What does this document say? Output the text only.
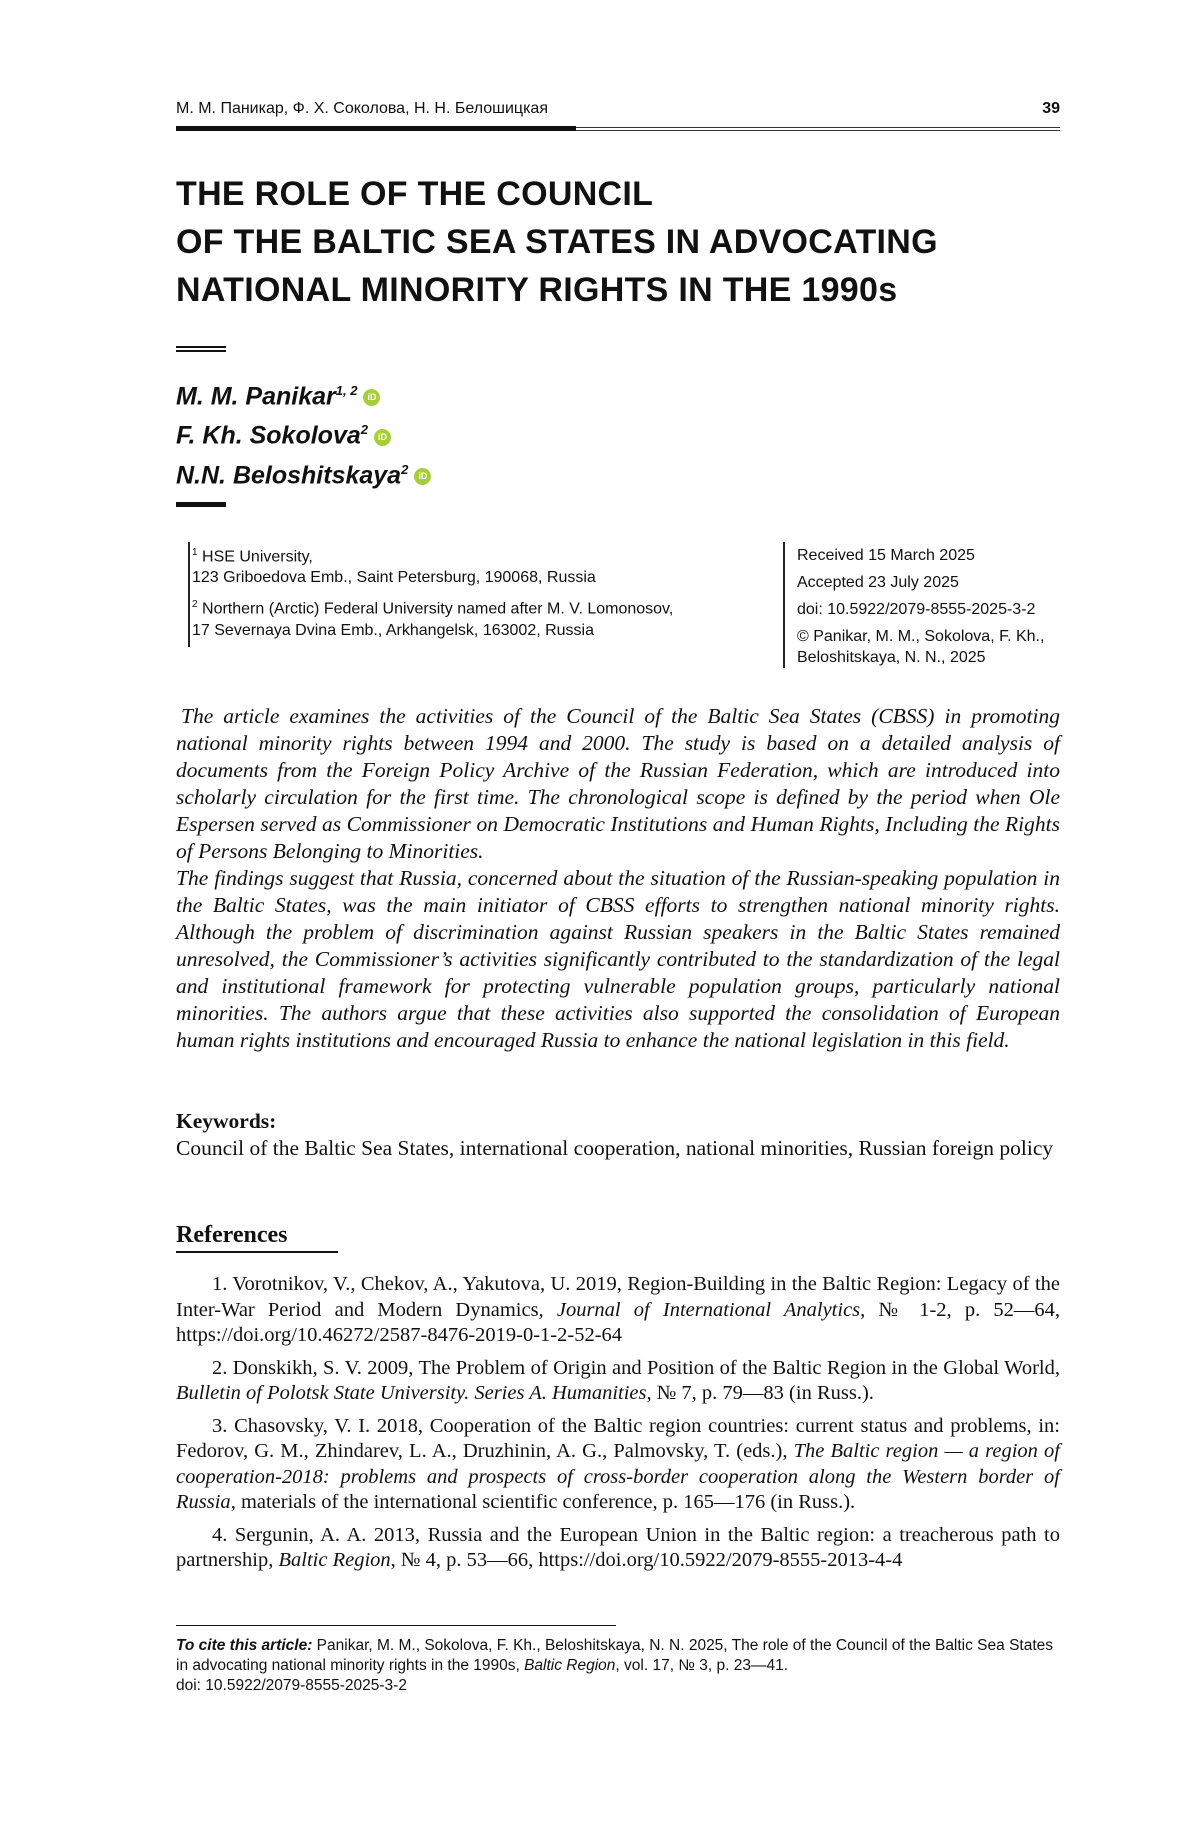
М. М. Паникар, Ф. Х. Соколова, Н. Н. Белошицкая	39
THE ROLE OF THE COUNCIL
OF THE BALTIC SEA STATES IN ADVOCATING
NATIONAL MINORITY RIGHTS IN THE 1990s
M. M. Panikar1, 2 iD
F. Kh. Sokolova2 iD
N.N. Beloshitskaya2 iD

1 HSE University,
123 Griboedova Emb., Saint Petersburg, 190068, Russia

2 Northern (Arctic) Federal University named after M. V. Lomonosov,
17 Severnaya Dvina Emb., Arkhangelsk, 163002, Russia

Received 15 March 2025
Accepted 23 July 2025
doi: 10.5922/2079-8555-2025-3-2
© Panikar, M. M., Sokolova, F. Kh.,
Beloshitskaya, N. N., 2025

The article examines the activities of the Council of the Baltic Sea States (CBSS) in promoting national minority rights between 1994 and 2000. The study is based on a detailed analysis of documents from the Foreign Policy Archive of the Russian Federation, which are introduced into scholarly circulation for the first time. The chronological scope is defined by the period when Ole Espersen served as Commissioner on Democratic Institutions and Human Rights, Including the Rights of Persons Belonging to Minorities.

The findings suggest that Russia, concerned about the situation of the Russian-speaking population in the Baltic States, was the main initiator of CBSS efforts to strengthen national minority rights. Although the problem of discrimination against Russian speakers in the Baltic States remained unresolved, the Commissioner’s activities significantly contributed to the standardization of the legal and institutional framework for protecting vulnerable population groups, particularly national minorities. The authors argue that these activities also supported the consolidation of European human rights institutions and encouraged Russia to enhance the national legislation in this field.

Keywords:
Council of the Baltic Sea States, international cooperation, national minorities, Russian foreign policy
References

1. Vorotnikov, V., Chekov, A., Yakutova, U. 2019, Region-Building in the Baltic Region: Legacy of the Inter-War Period and Modern Dynamics, Journal of International Analytics, № 1-2, p. 52—64, https://doi.org/10.46272/2587-8476-2019-0-1-2-52-64

2. Donskikh, S. V. 2009, The Problem of Origin and Position of the Baltic Region in the Global World, Bulletin of Polotsk State University. Series A. Humanities, № 7, p. 79—83 (in Russ.).

3. Chasovsky, V. I. 2018, Cooperation of the Baltic region countries: current status and problems, in: Fedorov, G. M., Zhindarev, L. A., Druzhinin, A. G., Palmovsky, T. (eds.), The Baltic region — a region of cooperation-2018: problems and prospects of cross-border cooperation along the Western border of Russia, materials of the international scientific conference, p. 165—176 (in Russ.).

4. Sergunin, A. A. 2013, Russia and the European Union in the Baltic region: a treacherous path to partnership, Baltic Region, № 4, p. 53—66, https://doi.org/10.5922/2079-8555-2013-4-4

To cite this article: Panikar, M. M., Sokolova, F. Kh., Beloshitskaya, N. N. 2025, The role of the Council of the Baltic Sea States in advocating national minority rights in the 1990s, Baltic Region, vol. 17, № 3, p. 23—41.
doi: 10.5922/2079-8555-2025-3-2
